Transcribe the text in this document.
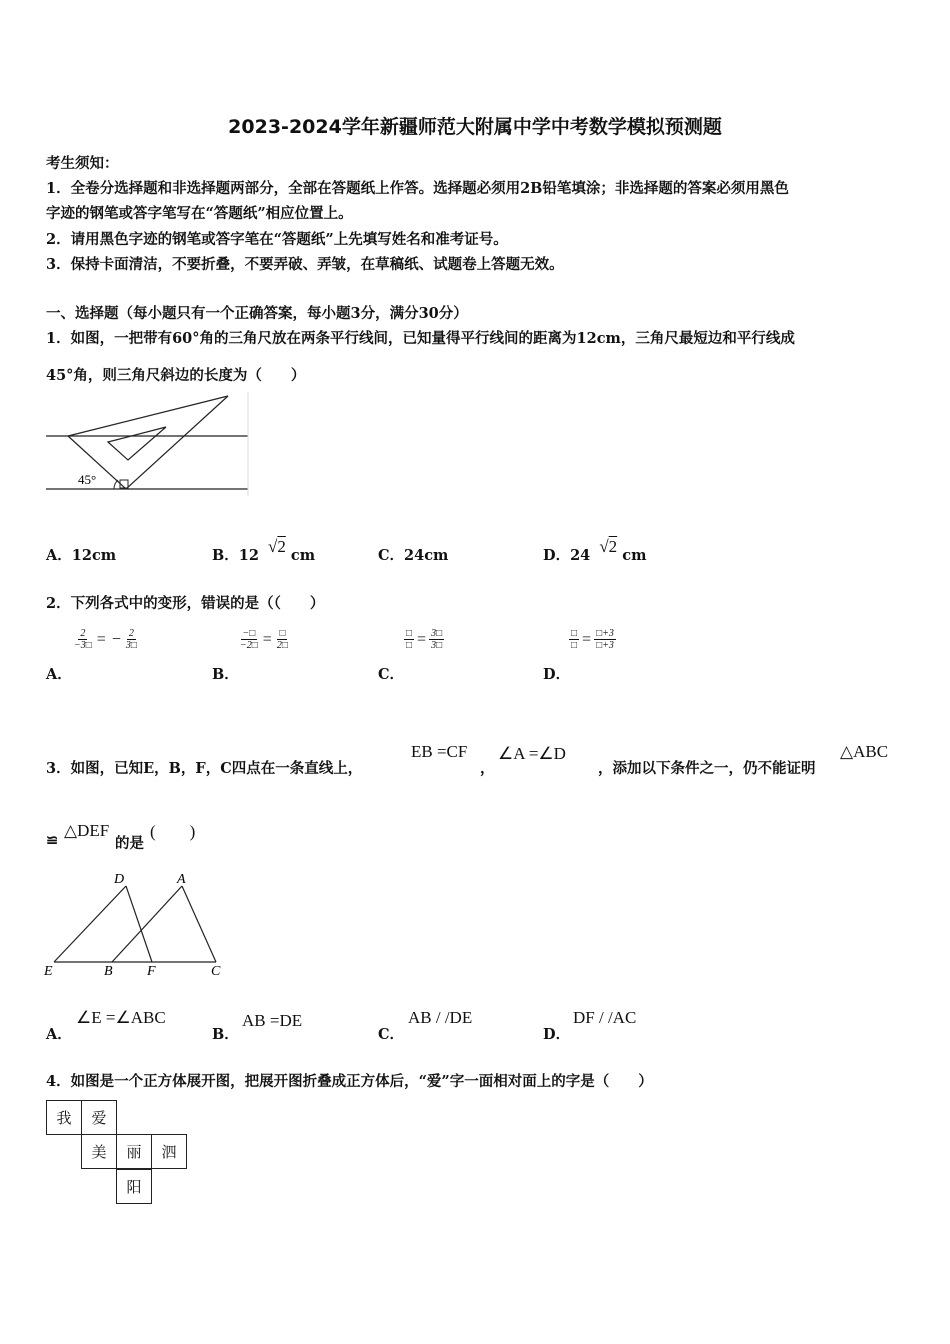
2023-2024学年新疆师范大附属中学中考数学模拟预测题
考生须知：
1．全卷分选择题和非选择题两部分，全部在答题纸上作答。选择题必须用2B铅笔填涂；非选择题的答案必须用黑色
字迹的钢笔或答字笔写在“答题纸”相应位置上。
2．请用黑色字迹的钢笔或答字笔在“答题纸”上先填写姓名和准考证号。
3．保持卡面清洁，不要折叠，不要弄破、弄皱，在草稿纸、试题卷上答题无效。
一、选择题（每小题只有一个正确答案，每小题3分，满分30分）
1．如图，一把带有60°角的三角尺放在两条平行线间，已知量得平行线间的距离为12cm，三角尺最短边和平行线成
45°角，则三角尺斜边的长度为（　　）
45°
A．12cm	B．12 √2 cm	C．24cm	D．24 √2 cm
2．下列各式中的变形，错误的是（（　　）
$\frac{2}{-3□}$ = − $\frac{2}{3□}$
A．
$\frac{-□}{-2□} = \frac{□}{2□}$
B．
$\frac{□}{□} = \frac{3□}{3□}$
C．
$\frac{□}{□} = \frac{□+3}{□+3}$
D．
3．如图，已知E，B，F，C四点在一条直线上，
EB =CF
，
∠A =∠D
，添加以下条件之一，仍不能证明
△ABC
≌
△DEF
的是
(　　)
D	A
E	B F	C
A．
∠E =∠ABC
B．
AB =DE
C．
AB / /DE
D．
DF / /AC
4．如图是一个正方体展开图，把展开图折叠成正方体后，“爱”字一面相对面上的字是（　　）
我	爱
美	丽	泗
阳
